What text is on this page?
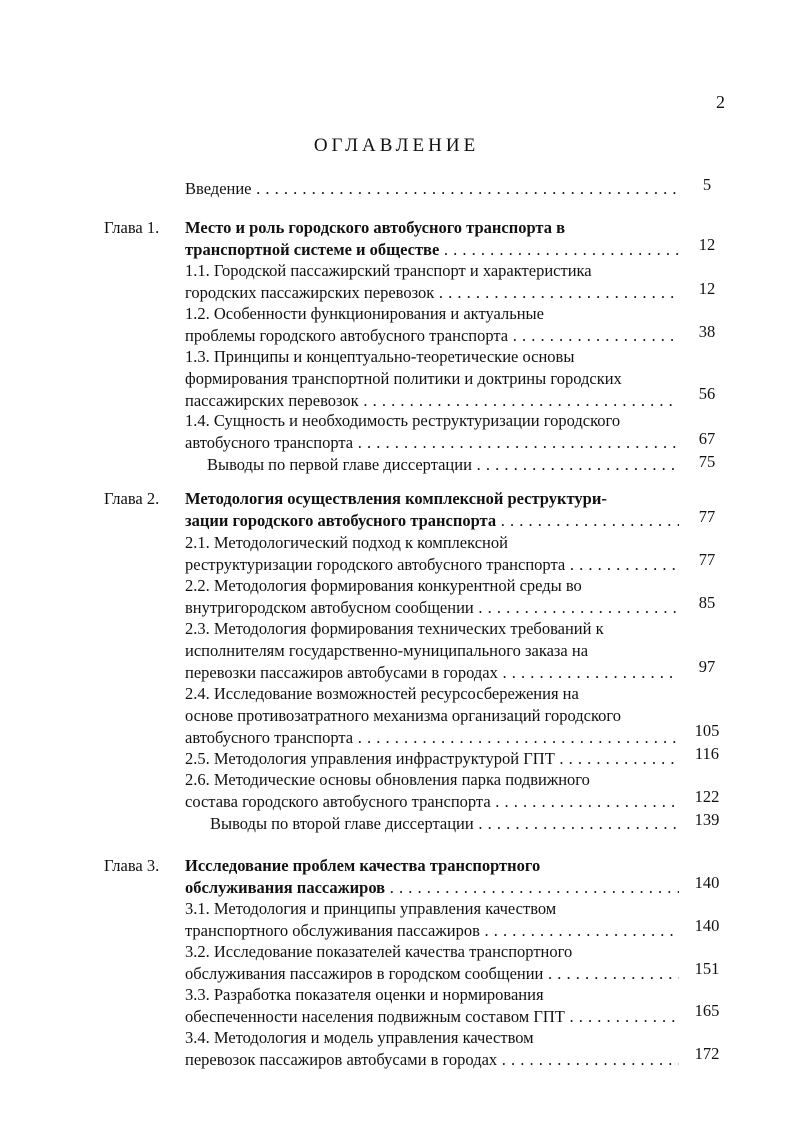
2
ОГЛАВЛЕНИЕ
Введение . . .	5
Глава 1. Место и роль городского автобусного транспорта в
транспортной системе и обществе . . .	12
1.1. Городской пассажирский транспорт и характеристика
городских пассажирских перевозок . . .	12
1.2. Особенности функционирования и актуальные
проблемы городского автобусного транспорта . . .	38
1.3. Принципы и концептуально-теоретические основы
формирования транспортной политики и доктрины городских
пассажирских перевозок . . .	56
1.4. Сущность и необходимость реструктуризации городского
автобусного транспорта . . .	67
Выводы по первой главе диссертации . . .	75
Глава 2. Методология осуществления комплексной реструктури-
зации городского автобусного транспорта . . .	77
2.1. Методологический подход к комплексной
реструктуризации городского автобусного транспорта . . .	77
2.2. Методология формирования конкурентной среды во
внутригородском автобусном сообщении . . .	85
2.3. Методология формирования технических требований к
исполнителям государственно-муниципального заказа на
перевозки пассажиров автобусами в городах . . .	97
2.4. Исследование возможностей ресурсосбережения на
основе противозатратного механизма организаций городского
автобусного транспорта . . .	105
2.5. Методология управления инфраструктурой ГПТ . . .	116
2.6. Методические основы обновления парка подвижного
состава городского автобусного транспорта . . .	122
Выводы по второй главе диссертации . . .	139
Глава 3. Исследование проблем качества транспортного
обслуживания пассажиров . . .	140
3.1. Методология и принципы управления качеством
транспортного обслуживания пассажиров . . .	140
3.2. Исследование показателей качества транспортного
обслуживания пассажиров в городском сообщении . . .	151
3.3. Разработка показателя оценки и нормирования
обеспеченности населения подвижным составом ГПТ . . .	165
3.4. Методология и модель управления качеством
перевозок пассажиров автобусами в городах . . .	172
